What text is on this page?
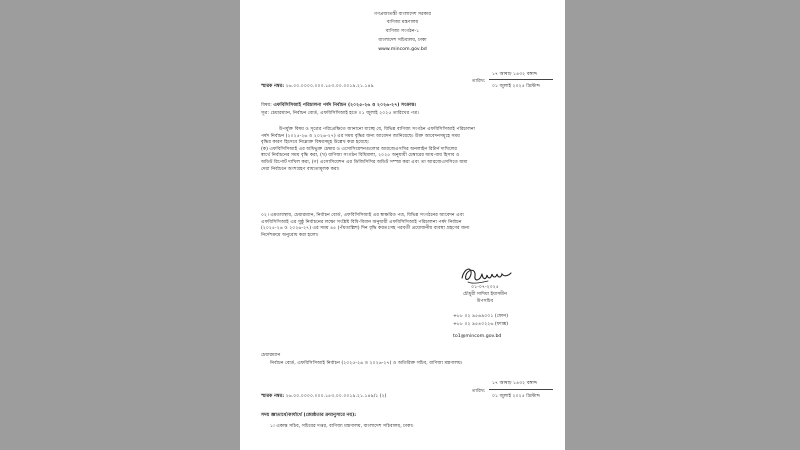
গণপ্রজাতন্ত্রী বাংলাদেশ সরকার
বাণিজ্য মন্ত্রণালয়
বাণিজ্য সংগঠন-১
বাংলাদেশ সচিবালয়, ঢাকা
www.mincom.gov.bd
১৭ আষাঢ় ১৪৩২ বঙ্গাব্দ
তারিখ:
০১ জুলাই ২০২৫ খ্রিস্টাব্দ
স্মারক নম্বর: ২৬.০০.০০০০.০০০.১৫৩.০০.০০১৯.২১.১৪৯
বিষয়: এফবিসিসিআই পরিচালনা পর্ষদ নির্বাচন (২০২৫-২৬ ও ২০২৬-২৭) সংক্রান্ত।
সূত্র: চেয়ারম্যান, নির্বাচন বোর্ড, এফবিসিসিআই হতে ০১ জুলাই ২০২৫ তারিখের পত্র।
উপর্যুক্ত বিষয় ও সূত্রের পরিপ্রেক্ষিতে জানানো যাচ্ছে যে, বিভিন্ন বাণিজ্য সংগঠন এফবিসিসিআই পরিচালনা
পর্ষদ নির্বাচন (২০২৫-২৬ ও ২০২৬-২৭) এর সময় বৃদ্ধির জন্য আবেদন জানিয়েছে। উক্ত আবেদনসমূহে সময়
বৃদ্ধির কারণ হিসেবে নিম্নোক্ত বিষয়সমূহ উল্লেখ করা হয়েছে:
(ক) এফবিসিসিআই এর অধিভুক্ত চেম্বার ও এসোসিয়েশনগুলোর আরজেএসসির অনলাইন রিটার্ন দাখিলের
স্বার্থে নির্বাচনের সময় বৃদ্ধি করা, (খ) বাণিজ্য সংগঠন বিধিমালা, ২০২৫ অনুযায়ী চেম্বারের আয়-ব্যয় হিসাব ও
অডিট রিপোর্ট দাখিল করা, (গ) এসোসিয়েশন এর ডিজিসিসির অডিট সম্পন্ন করা এবং তা আরজেএসসিতে জমা
দেয়া নির্বাচনে অংশগ্রহণ বাধ্যতামূলক করা।
০২। এমতাবস্থায়, চেয়ারম্যান, নির্বাচন বোর্ড, এফবিসিসিআই এর স্বাক্ষরিত পত্র, বিভিন্ন সংগঠনের আবেদন এবং
এফবিসিসিআই এর সুষ্ঠু নির্বাচনের লক্ষ্যে সংশ্লিষ্ট বিধি-বিধান অনুযায়ী এফবিসিসিআই পরিচালনা পর্ষদ নির্বাচন
(২০২৫-২৬ ও ২০২৬-২৭) এর সময় ৪৫ (পঁয়তাল্লিশ) দিন বৃদ্ধি করতঃসহ পরবর্তী প্রয়োজনীয় ব্যবস্থা গ্রহণের জন্য
নির্দেশক্রমে অনুরোধ করা হলো।
০১-০৭-২০২৫
চৌধুরী সাদিয়া ইয়াসমীন
উপসচিব
+৮৮ ০২ ৯৫৬৯০০১ (ফোন)
+৮৮ ০২ ৯৫৪০২২৬ (ফ্যাক্স)
to1@mincom.gov.bd
চেয়ারম্যান
নির্বাচন বোর্ড, এফবিসিসিআই নির্বাচন (২০২৫-২৬ ও ২০২৬-২৭) ও অতিরিক্ত সচিব, বাণিজ্য মন্ত্রণালয়।
১৭ আষাঢ় ১৪৩২ বঙ্গাব্দ
তারিখ:
০১ জুলাই ২০২৫ খ্রিস্টাব্দ
স্মারক নম্বর: ২৬.০০.০০০০.০০০.১৫৩.০০.০০১৯.২১.১৪৯/১ (২)
সদয় জ্ঞাতার্থে/কার্যার্থে (জ্যেষ্ঠতার ক্রমানুসারে নয়):
১। একান্ত সচিব, সচিবের দপ্তর, বাণিজ্য মন্ত্রণালয়, বাংলাদেশ সচিবালয়, ঢাকা।
